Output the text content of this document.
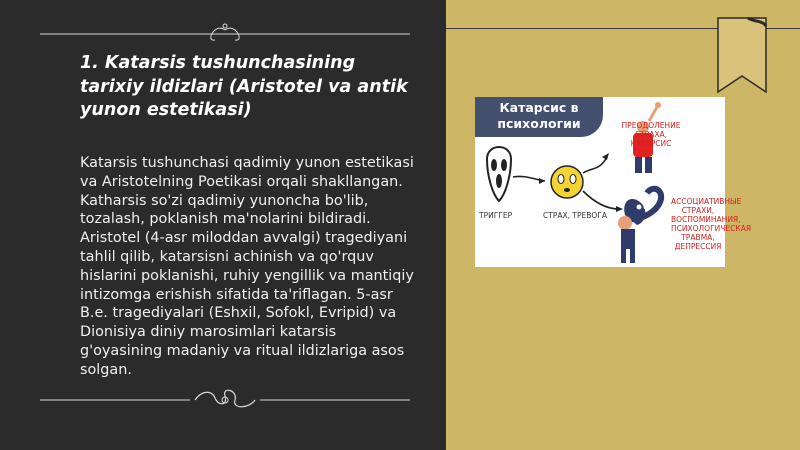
1. Katarsis tushunchasining tarixiy ildizlari (Aristotel va antik yunon estetikasi)

Katarsis tushunchasi qadimiy yunon estetikasi va Aristotelning Poetikasi orqali shakllangan. Katharsis so'zi qadimiy yunoncha bo'lib, tozalash, poklanish ma'nolarini bildiradi. Aristotel (4-asr miloddan avvalgi) tragediyani tahlil qilib, katarsisni achinish va qo'rquv hislarini poklanishi, ruhiy yengillik va mantiqiy intizomga erishish sifatida ta'riflagan. 5-asr B.e. tragediyalari (Eshxil, Sofokl, Evripid) va Dionisiya diniy marosimlari katarsis g'oyasining madaniy va ritual ildizlariga asos solgan.

Катарсис в психологии

ТРИГГЕР	СТРАХ, ТРЕВОГА

ПРЕОДОЛЕНИЕ СТРАХА, КАТАРСИС

АССОЦИАТИВНЫЕ СТРАХИ, ВОСПОМИНАНИЯ, ПСИХОЛОГИЧЕСКАЯ ТРАВМА, ДЕПРЕССИЯ
